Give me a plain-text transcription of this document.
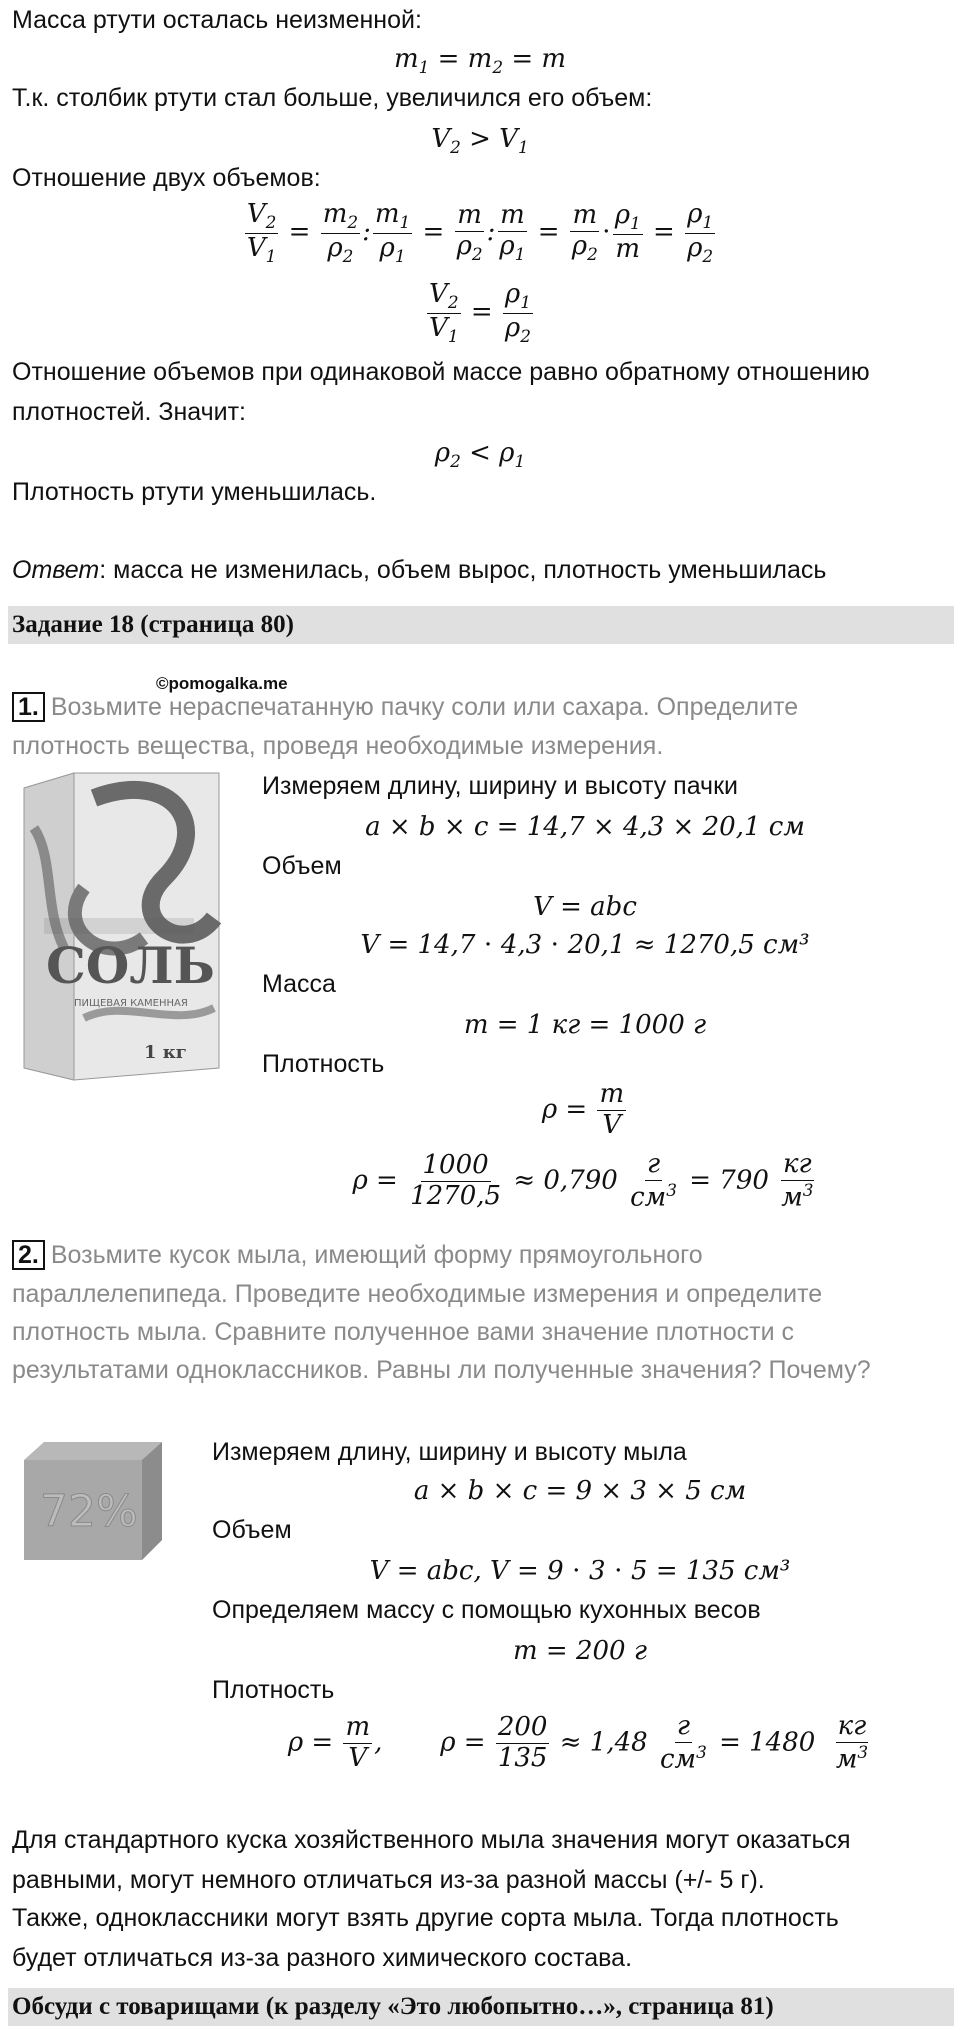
Масса ртути осталась неизменной:
𝑚$_1$ = 𝑚$_2$ = 𝑚
Т.к. столбик ртути стал больше, увеличился его объем:
𝑉$_2$ > 𝑉$_1$
Отношение двух объемов:
$\frac{𝑉_2}{𝑉_1} = \frac{𝑚_2}{𝜌_2}$ : $\frac{𝑚_1}{𝜌_1} = \frac{\text{𝑚}}{𝜌_2}$ : $\frac{\text{𝑚}}{𝜌_1} = \frac{\text{𝑚}}{𝜌_2} \cdot \frac{𝜌_1}{\text{𝑚}} = \frac{𝜌_1}{𝜌_2}$
$\frac{𝑉_2}{𝑉_1} = \frac{𝜌_1}{𝜌_2}$
Отношение объемов при одинаковой массе равно обратному отношению
плотностей. Значит:
𝜌$_2$ < 𝜌$_1$
Плотность ртути уменьшилась.
Ответ: масса не изменилась, объем вырос, плотность уменьшилась
Задание 18 (страница 80)
©pomogalka.me
1. Возьмите нераспечатанную пачку соли или сахара. Определите
плотность вещества, проведя необходимые измерения.
СОЛЬ
ПИЩЕВАЯ КАМЕННАЯ
1 кг
Измеряем длину, ширину и высоту пачки
𝑎 × 𝑏 × 𝑐 = 14,7 × 4,3 × 20,1 см
Объем
𝑉 = 𝑎𝑏𝑐
𝑉 = 14,7 ⋅ 4,3 ⋅ 20,1 ≈ 1270,5 см³
Масса
𝑚 = 1 кг = 1000 г
Плотность
𝜌 = $\frac{\text{𝑚}}{\text{𝑉}}$
𝜌 = $\frac{1000}{1270,5} \approx 0,790 \frac{г}{см^3} = 790 \frac{кг}{м^3}$
2. Возьмите кусок мыла, имеющий форму прямоугольного
параллелепипеда. Проведите необходимые измерения и определите
плотность мыла. Сравните полученное вами значение плотности с
результатами одноклассников. Равны ли полученные значения? Почему?
72%
Измеряем длину, ширину и высоту мыла
𝑎 × 𝑏 × 𝑐 = 9 × 3 × 5 см
Объем
𝑉 = 𝑎𝑏𝑐, 𝑉 = 9 ⋅ 3 ⋅ 5 = 135 см³
Определяем массу с помощью кухонных весов
𝑚 = 200 г
Плотность
𝜌 = $\frac{\text{𝑚}}{\text{𝑉}}$ ,       𝜌 = $\frac{200}{135} \approx 1,48 \frac{г}{см^3} = 1480 \frac{кг}{м^3}$
Для стандартного куска хозяйственного мыла значения могут оказаться
равными, могут немного отличаться из-за разной массы (+/- 5 г).
Также, одноклассники могут взять другие сорта мыла. Тогда плотность
будет отличаться из-за разного химического состава.
Обсуди с товарищами (к разделу «Это любопытно…», страница 81)
